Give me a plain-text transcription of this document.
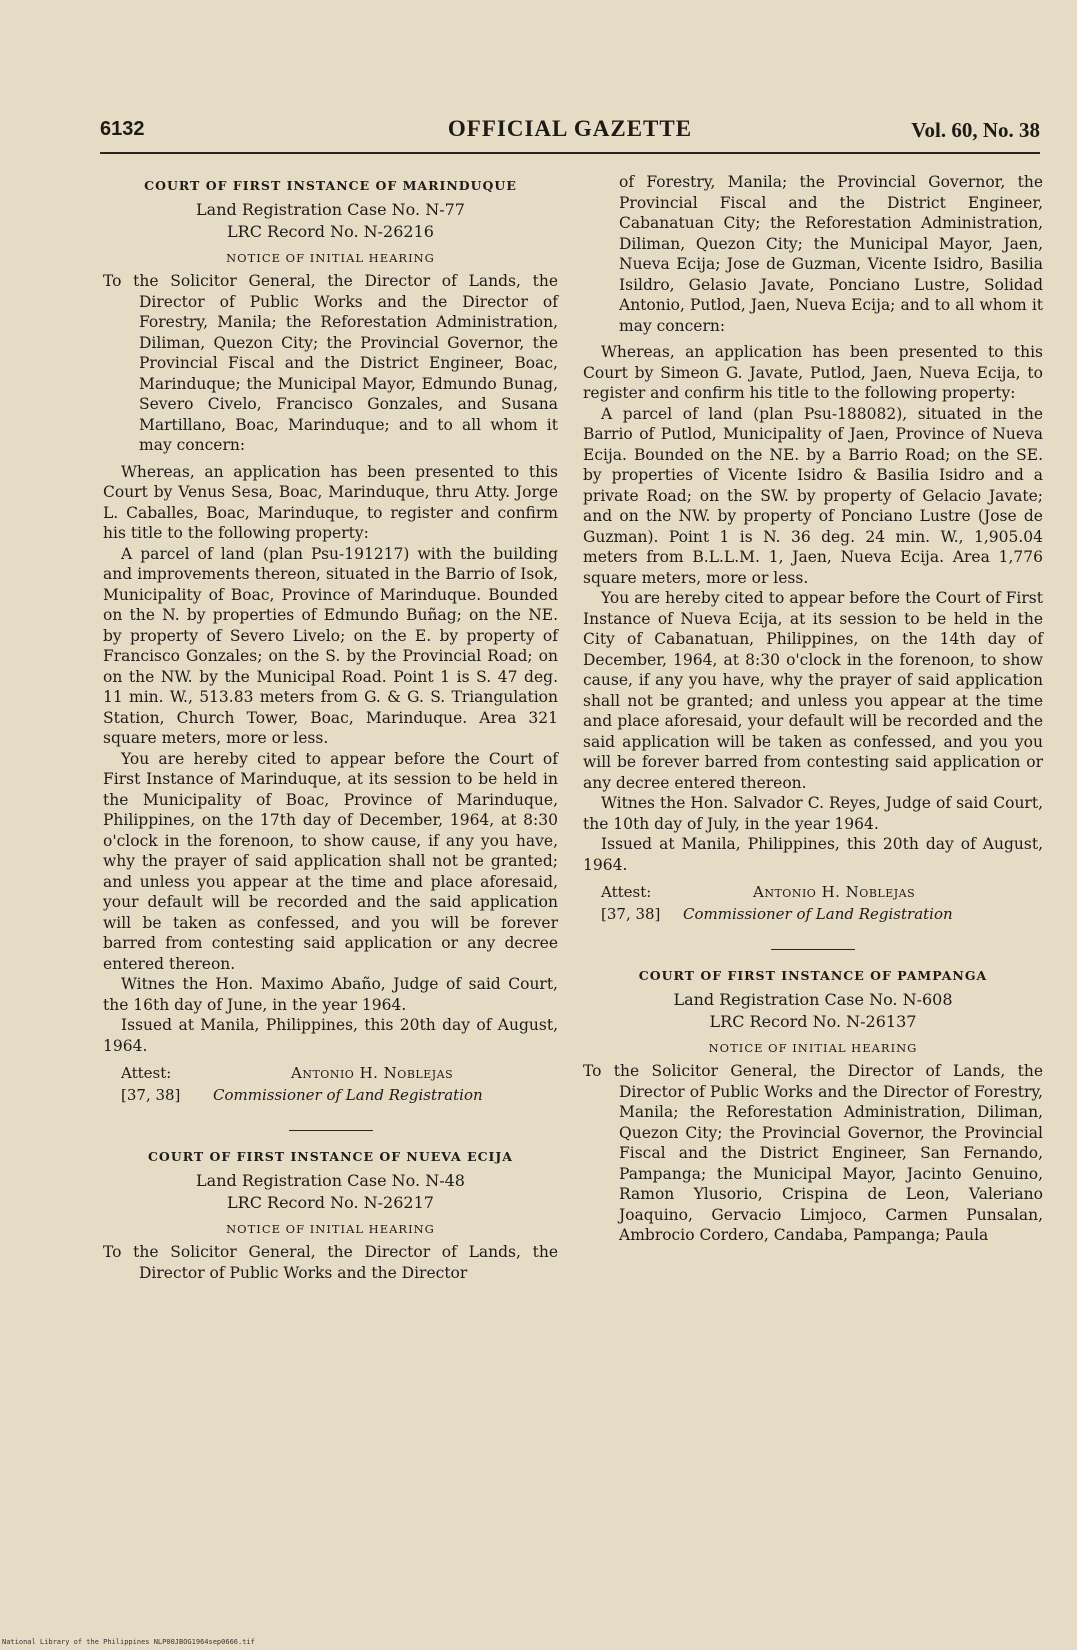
6132	OFFICIAL GAZETTE	Vol. 60, No. 38
COURT OF FIRST INSTANCE OF MARINDUQUE
Land Registration Case No. N-77
LRC Record No. N-26216
NOTICE OF INITIAL HEARING

To the Solicitor General, the Director of Lands, the Director of Public Works and the Director of Forestry, Manila; the Reforestation Administration, Diliman, Quezon City; the Provincial Governor, the Provincial Fiscal and the District Engineer, Boac, Marinduque; the Municipal Mayor, Edmundo Bunag, Severo Civelo, Francisco Gonzales, and Susana Martillano, Boac, Marinduque; and to all whom it may concern:

Whereas, an application has been presented to this Court by Venus Sesa, Boac, Marinduque, thru Atty. Jorge L. Caballes, Boac, Marinduque, to register and confirm his title to the following property:

A parcel of land (plan Psu-191217) with the building and improvements thereon, situated in the Barrio of Isok, Municipality of Boac, Province of Marinduque. Bounded on the N. by properties of Edmundo Buñag; on the NE. by property of Severo Livelo; on the E. by property of Francisco Gonzales; on the S. by the Provincial Road; on on the NW. by the Municipal Road. Point 1 is S. 47 deg. 11 min. W., 513.83 meters from G. & G. S. Triangulation Station, Church Tower, Boac, Marinduque. Area 321 square meters, more or less.

You are hereby cited to appear before the Court of First Instance of Marinduque, at its session to be held in the Municipality of Boac, Province of Marinduque, Philippines, on the 17th day of December, 1964, at 8:30 o'clock in the forenoon, to show cause, if any you have, why the prayer of said application shall not be granted; and unless you appear at the time and place aforesaid, your default will be recorded and the said application will be taken as confessed, and you will be forever barred from contesting said application or any decree entered thereon.

Witnes the Hon. Maximo Abaño, Judge of said Court, the 16th day of June, in the year 1964.

Issued at Manila, Philippines, this 20th day of August, 1964.

Attest:
[37, 38]
Antonio H. Noblejas
Commissioner of Land Registration
COURT OF FIRST INSTANCE OF NUEVA ECIJA
Land Registration Case No. N-48
LRC Record No. N-26217
NOTICE OF INITIAL HEARING

To the Solicitor General, the Director of Lands, the Director of Public Works and the Director

of Forestry, Manila; the Provincial Governor, the Provincial Fiscal and the District Engineer, Cabanatuan City; the Reforestation Administration, Diliman, Quezon City; the Municipal Mayor, Jaen, Nueva Ecija; Jose de Guzman, Vicente Isidro, Basilia Isildro, Gelasio Javate, Ponciano Lustre, Solidad Antonio, Putlod, Jaen, Nueva Ecija; and to all whom it may concern:

Whereas, an application has been presented to this Court by Simeon G. Javate, Putlod, Jaen, Nueva Ecija, to register and confirm his title to the following property:

A parcel of land (plan Psu-188082), situated in the Barrio of Putlod, Municipality of Jaen, Province of Nueva Ecija. Bounded on the NE. by a Barrio Road; on the SE. by properties of Vicente Isidro & Basilia Isidro and a private Road; on the SW. by property of Gelacio Javate; and on the NW. by property of Ponciano Lustre (Jose de Guzman). Point 1 is N. 36 deg. 24 min. W., 1,905.04 meters from B.L.L.M. 1, Jaen, Nueva Ecija. Area 1,776 square meters, more or less.

You are hereby cited to appear before the Court of First Instance of Nueva Ecija, at its session to be held in the City of Cabanatuan, Philippines, on the 14th day of December, 1964, at 8:30 o'clock in the forenoon, to show cause, if any you have, why the prayer of said application shall not be granted; and unless you appear at the time and place aforesaid, your default will be recorded and the said application will be taken as confessed, and you you will be forever barred from contesting said application or any decree entered thereon.

Witnes the Hon. Salvador C. Reyes, Judge of said Court, the 10th day of July, in the year 1964.

Issued at Manila, Philippines, this 20th day of August, 1964.

Attest:
[37, 38]
Antonio H. Noblejas
Commissioner of Land Registration
COURT OF FIRST INSTANCE OF PAMPANGA
Land Registration Case No. N-608
LRC Record No. N-26137
NOTICE OF INITIAL HEARING

To the Solicitor General, the Director of Lands, the Director of Public Works and the Director of Forestry, Manila; the Reforestation Administration, Diliman, Quezon City; the Provincial Governor, the Provincial Fiscal and the District Engineer, San Fernando, Pampanga; the Municipal Mayor, Jacinto Genuino, Ramon Ylusorio, Crispina de Leon, Valeriano Joaquino, Gervacio Limjoco, Carmen Punsalan, Ambrocio Cordero, Candaba, Pampanga; Paula

National Library of the Philippines NLP00JBOG1964sep0666.tif
